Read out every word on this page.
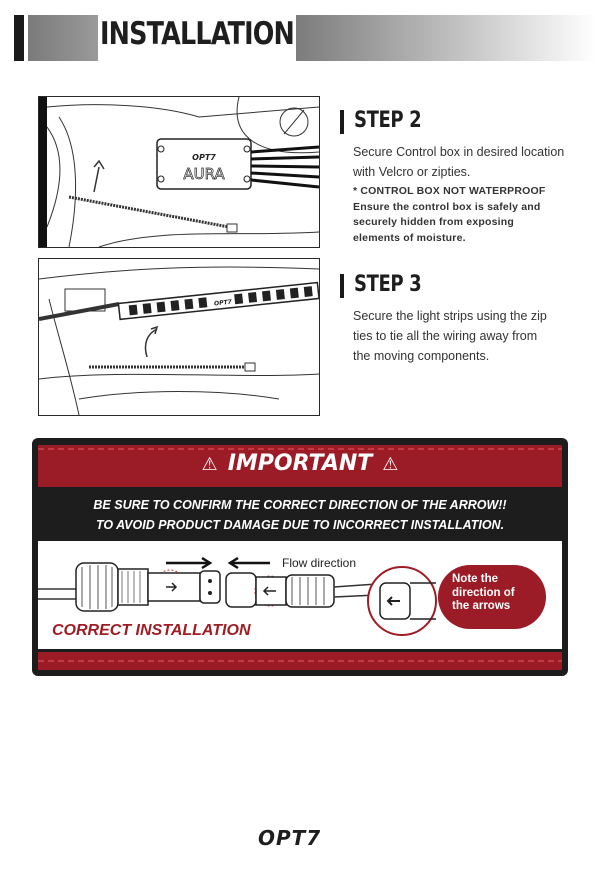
INSTALLATION
OPT7
AURA
OPT7
STEP 2
Secure Control box in desired location
with Velcro or zipties.
* CONTROL BOX NOT WATERPROOF
Ensure the control box is safely and
securely hidden from exposing
elements of moisture.
STEP 3
Secure the light strips using the zip
ties to tie all the wiring away from
the moving components.
⚠ IMPORTANT ⚠
BE SURE TO CONFIRM THE CORRECT DIRECTION OF THE ARROW!!
TO AVOID PRODUCT DAMAGE DUE TO INCORRECT INSTALLATION.
Flow direction
Note the
direction of
the arrows
CORRECT INSTALLATION
OPT7
